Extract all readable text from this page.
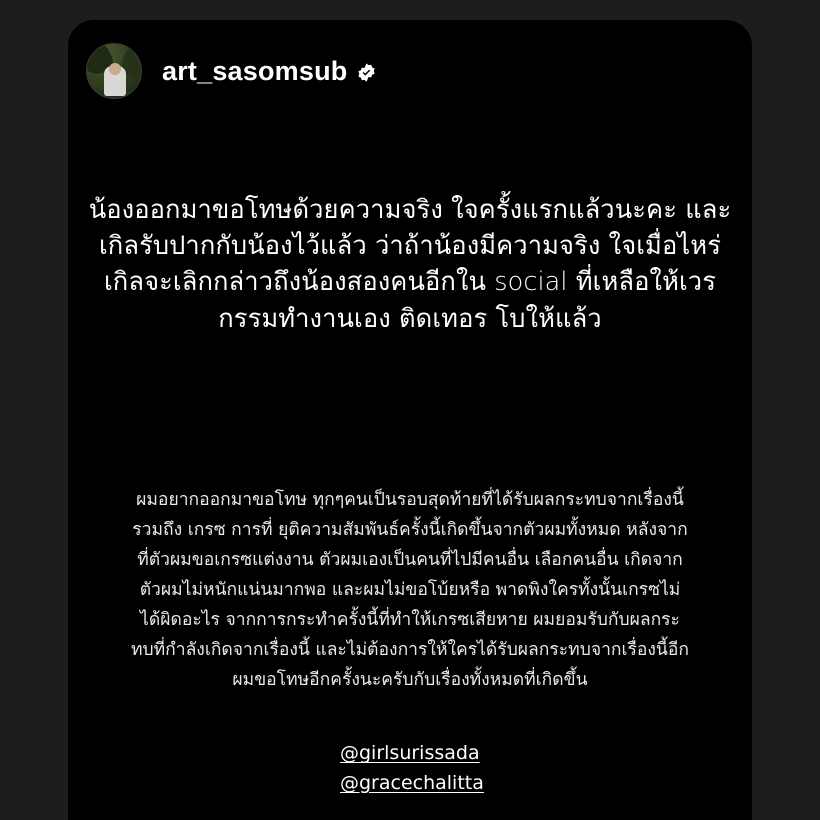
art_sasomsub
น้องออกมาขอโทษด้วยความจริง ใจครั้งแรกแล้วนะคะ และเกิลรับปากกับน้องไว้แล้ว ว่าถ้าน้องมีความจริง ใจเมื่อไหร่ เกิลจะเลิกกล่าวถึงน้องสองคนอีกใน social ที่เหลือให้เวรกรรมทำงานเอง ติดเทอร โบให้แล้ว
ผมอยากออกมาขอโทษ ทุกๆคนเป็นรอบสุดท้ายที่ได้รับผลกระทบจากเรื่องนี้ รวมถึง เกรซ การที่ ยุติความสัมพันธ์ครั้งนี้เกิดขึ้นจากตัวผมทั้งหมด หลังจากที่ตัวผมขอเกรซแต่งงาน ตัวผมเองเป็นคนที่ไปมีคนอื่น เลือกคนอื่น เกิดจากตัวผมไม่หนักแน่นมากพอ และผมไม่ขอโบ้ยหรือ พาดพิงใครทั้งนั้นเกรซไม่ได้ผิดอะไร จากการกระทำครั้งนี้ที่ทำให้เกรซเสียหาย ผมยอมรับกับผลกระทบที่กำลังเกิดจากเรื่องนี้ และไม่ต้องการให้ใครได้รับผลกระทบจากเรื่องนี้อีก ผมขอโทษอีกครั้งนะครับกับเรื่องทั้งหมดที่เกิดขึ้น
@girlsurissada
@gracechalitta
